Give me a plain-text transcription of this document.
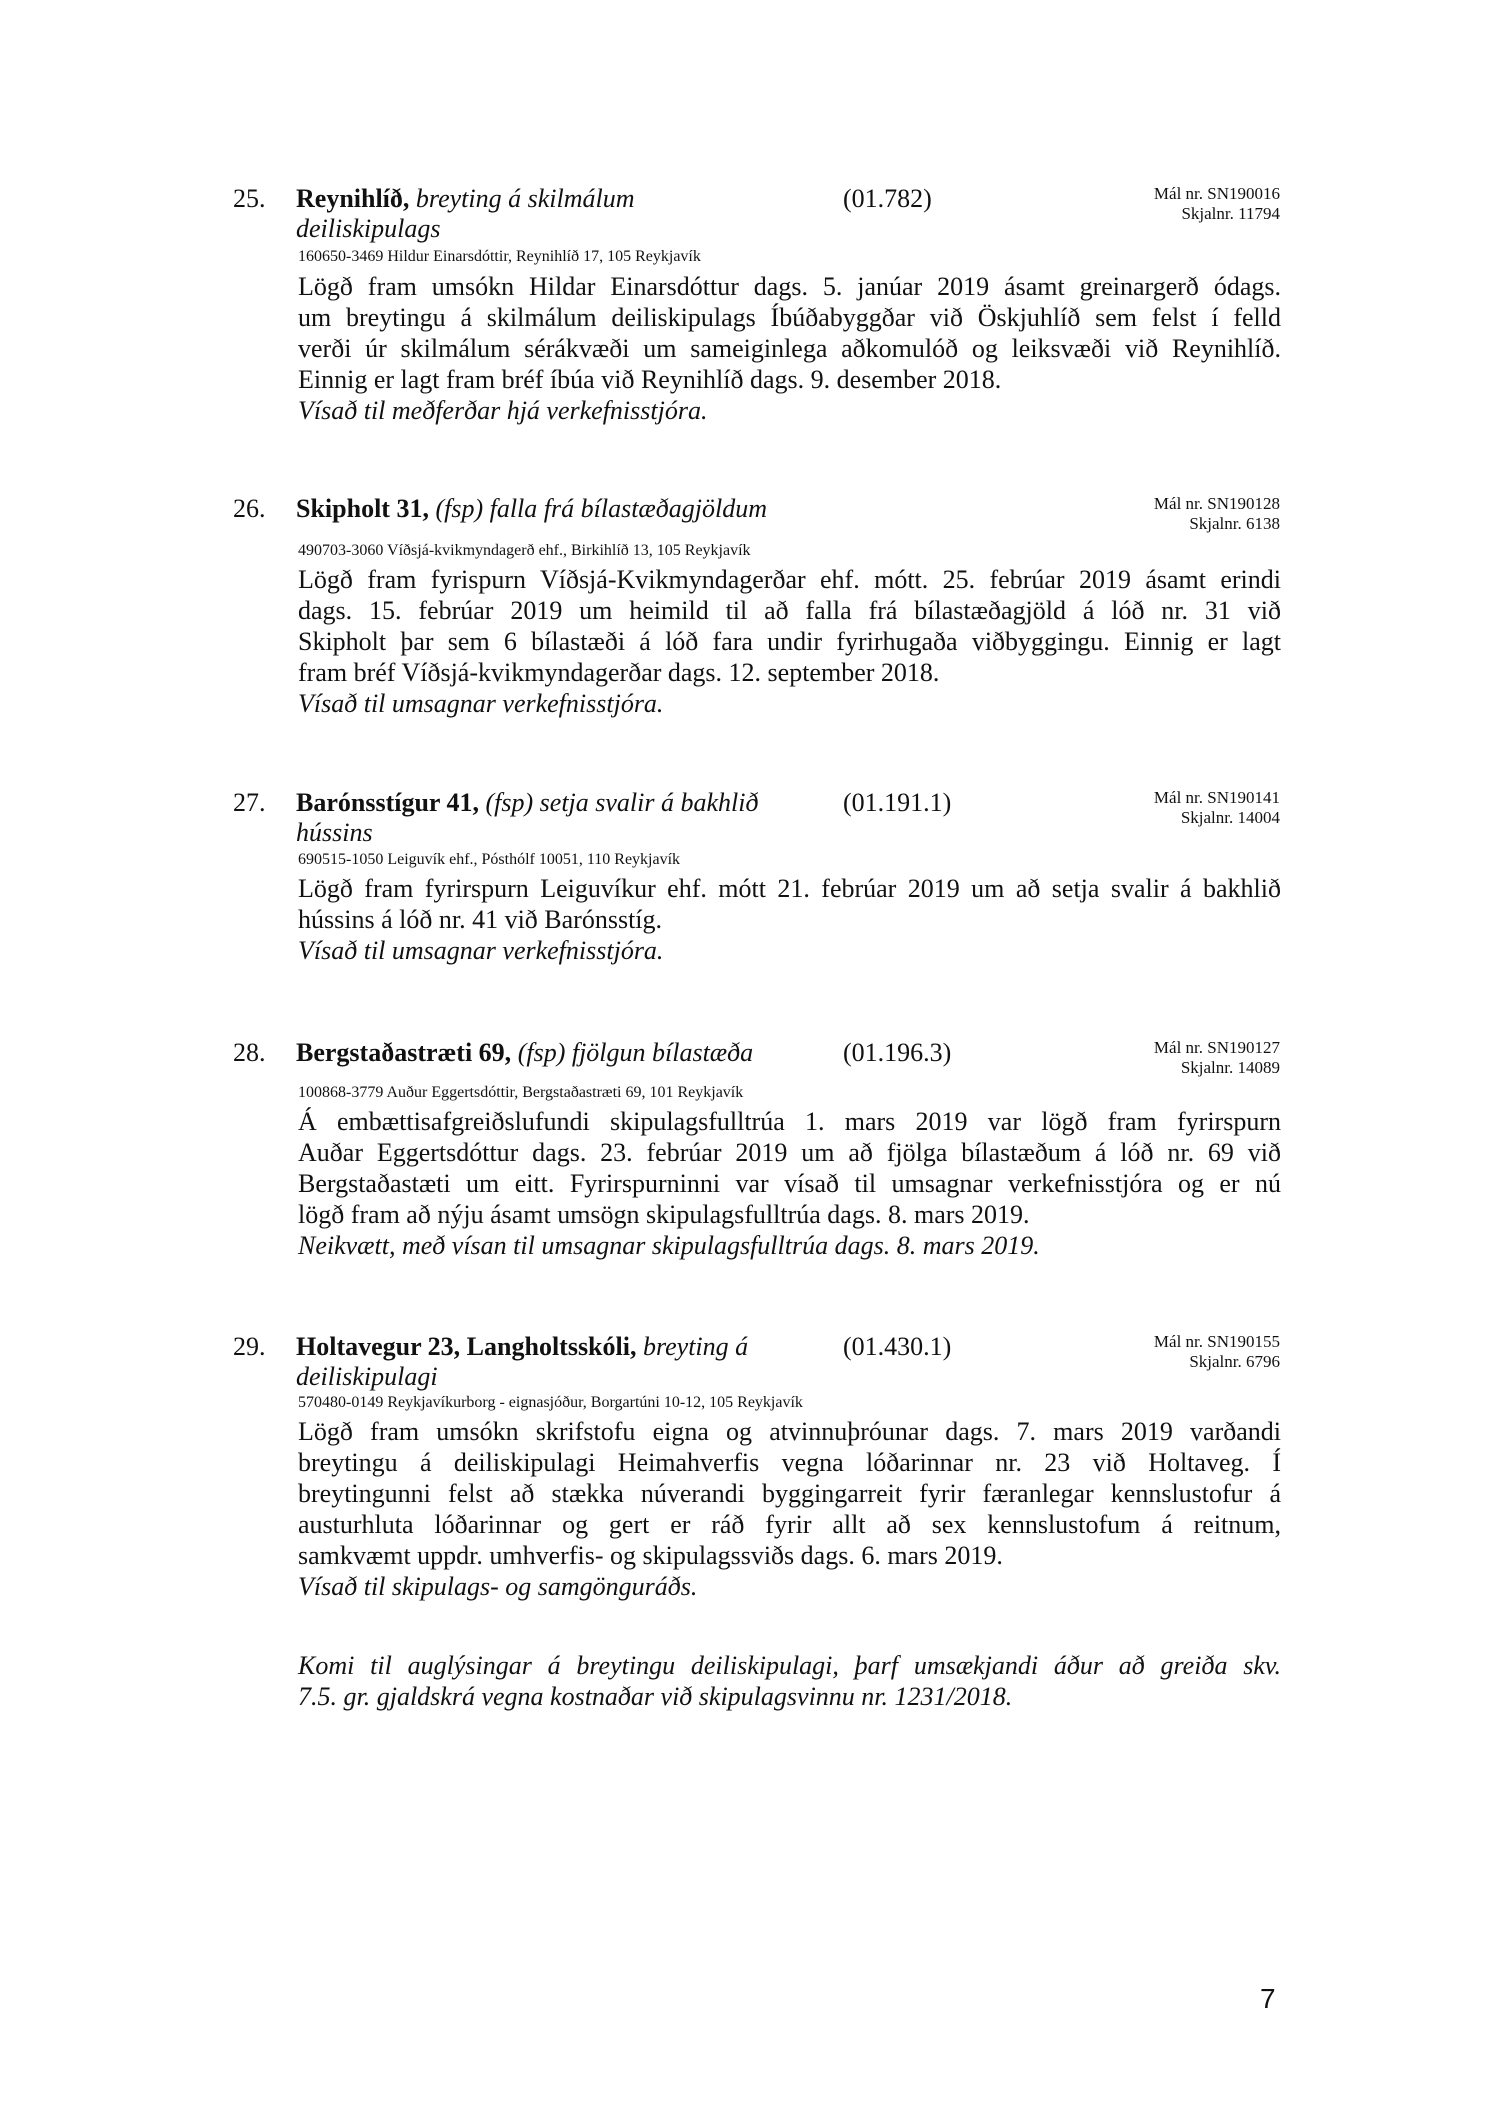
25. Reynihlíð, breyting á skilmálum
deiliskipulags
(01.782)	Mál nr. SN190016
Skjalnr. 11794
160650-3469 Hildur Einarsdóttir, Reynihlíð 17, 105 Reykjavík
Lögð fram umsókn Hildar Einarsdóttur dags. 5. janúar 2019 ásamt greinargerð ódags.
um breytingu á skilmálum deiliskipulags Íbúðabyggðar við Öskjuhlíð sem felst í felld
verði úr skilmálum sérákvæði um sameiginlega aðkomulóð og leiksvæði við Reynihlíð.
Einnig er lagt fram bréf íbúa við Reynihlíð dags. 9. desember 2018.
Vísað til meðferðar hjá verkefnisstjóra.
26. Skipholt 31, (fsp) falla frá bílastæðagjöldum	Mál nr. SN190128
Skjalnr. 6138
490703-3060 Víðsjá-kvikmyndagerð ehf., Birkihlíð 13, 105 Reykjavík
Lögð fram fyrispurn Víðsjá-Kvikmyndagerðar ehf. mótt. 25. febrúar 2019 ásamt erindi
dags. 15. febrúar 2019 um heimild til að falla frá bílastæðagjöld á lóð nr. 31 við
Skipholt þar sem 6 bílastæði á lóð fara undir fyrirhugaða viðbyggingu. Einnig er lagt
fram bréf Víðsjá-kvikmyndagerðar dags. 12. september 2018.
Vísað til umsagnar verkefnisstjóra.
27. Barónsstígur 41, (fsp) setja svalir á bakhlið
hússins
(01.191.1)	Mál nr. SN190141
Skjalnr. 14004
690515-1050 Leiguvík ehf., Pósthólf 10051, 110 Reykjavík
Lögð fram fyrirspurn Leiguvíkur ehf. mótt 21. febrúar 2019 um að setja svalir á bakhlið
hússins á lóð nr. 41 við Barónsstíg.
Vísað til umsagnar verkefnisstjóra.
28. Bergstaðastræti 69, (fsp) fjölgun bílastæða	(01.196.3)	Mál nr. SN190127
Skjalnr. 14089
100868-3779 Auður Eggertsdóttir, Bergstaðastræti 69, 101 Reykjavík
Á embættisafgreiðslufundi skipulagsfulltrúa 1. mars 2019 var lögð fram fyrirspurn
Auðar Eggertsdóttur dags. 23. febrúar 2019 um að fjölga bílastæðum á lóð nr. 69 við
Bergstaðastæti um eitt. Fyrirspurninni var vísað til umsagnar verkefnisstjóra og er nú
lögð fram að nýju ásamt umsögn skipulagsfulltrúa dags. 8. mars 2019.
Neikvætt, með vísan til umsagnar skipulagsfulltrúa dags. 8. mars 2019.
29. Holtavegur 23, Langholtsskóli, breyting á
deiliskipulagi
(01.430.1)	Mál nr. SN190155
Skjalnr. 6796
570480-0149 Reykjavíkurborg - eignasjóður, Borgartúni 10-12, 105 Reykjavík
Lögð fram umsókn skrifstofu eigna og atvinnuþróunar dags. 7. mars 2019 varðandi
breytingu á deiliskipulagi Heimahverfis vegna lóðarinnar nr. 23 við Holtaveg. Í
breytingunni felst að stækka núverandi byggingarreit fyrir færanlegar kennslustofur á
austurhluta lóðarinnar og gert er ráð fyrir allt að sex kennslustofum á reitnum,
samkvæmt uppdr. umhverfis- og skipulagssviðs dags. 6. mars 2019.
Vísað til skipulags- og samgönguráðs.
Komi til auglýsingar á breytingu deiliskipulagi, þarf umsækjandi áður að greiða skv.
7.5. gr. gjaldskrá vegna kostnaðar við skipulagsvinnu nr. 1231/2018.
7
